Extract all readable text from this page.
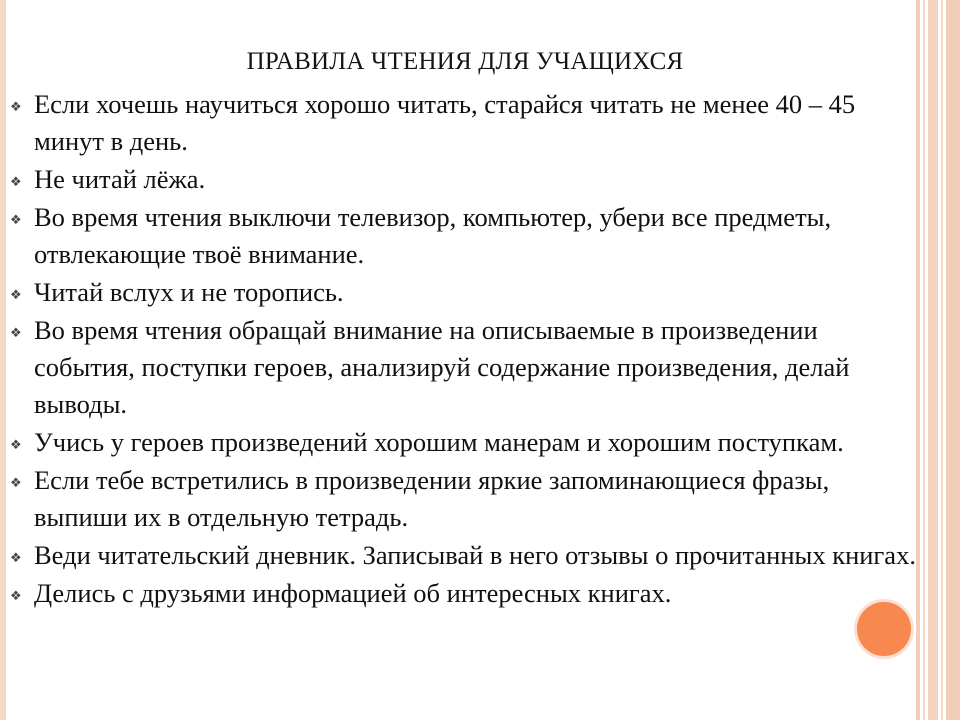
ПРАВИЛА ЧТЕНИЯ ДЛЯ УЧАЩИХСЯ
❖ Если хочешь научиться хорошо читать, старайся читать не менее 40 – 45 минут в день.
❖ Не читай лёжа.
❖ Во время чтения выключи телевизор, компьютер, убери все предметы, отвлекающие твоё внимание.
❖ Читай вслух и не торопись.
❖ Во время чтения обращай внимание на описываемые в произведении события, поступки героев, анализируй содержание произведения, делай выводы.
❖ Учись у героев произведений хорошим манерам и хорошим поступкам.
❖ Если тебе встретились в произведении яркие запоминающиеся фразы, выпиши их в отдельную тетрадь.
❖ Веди читательский дневник. Записывай в него отзывы о прочитанных книгах.
❖ Делись с друзьями информацией об интересных книгах.
